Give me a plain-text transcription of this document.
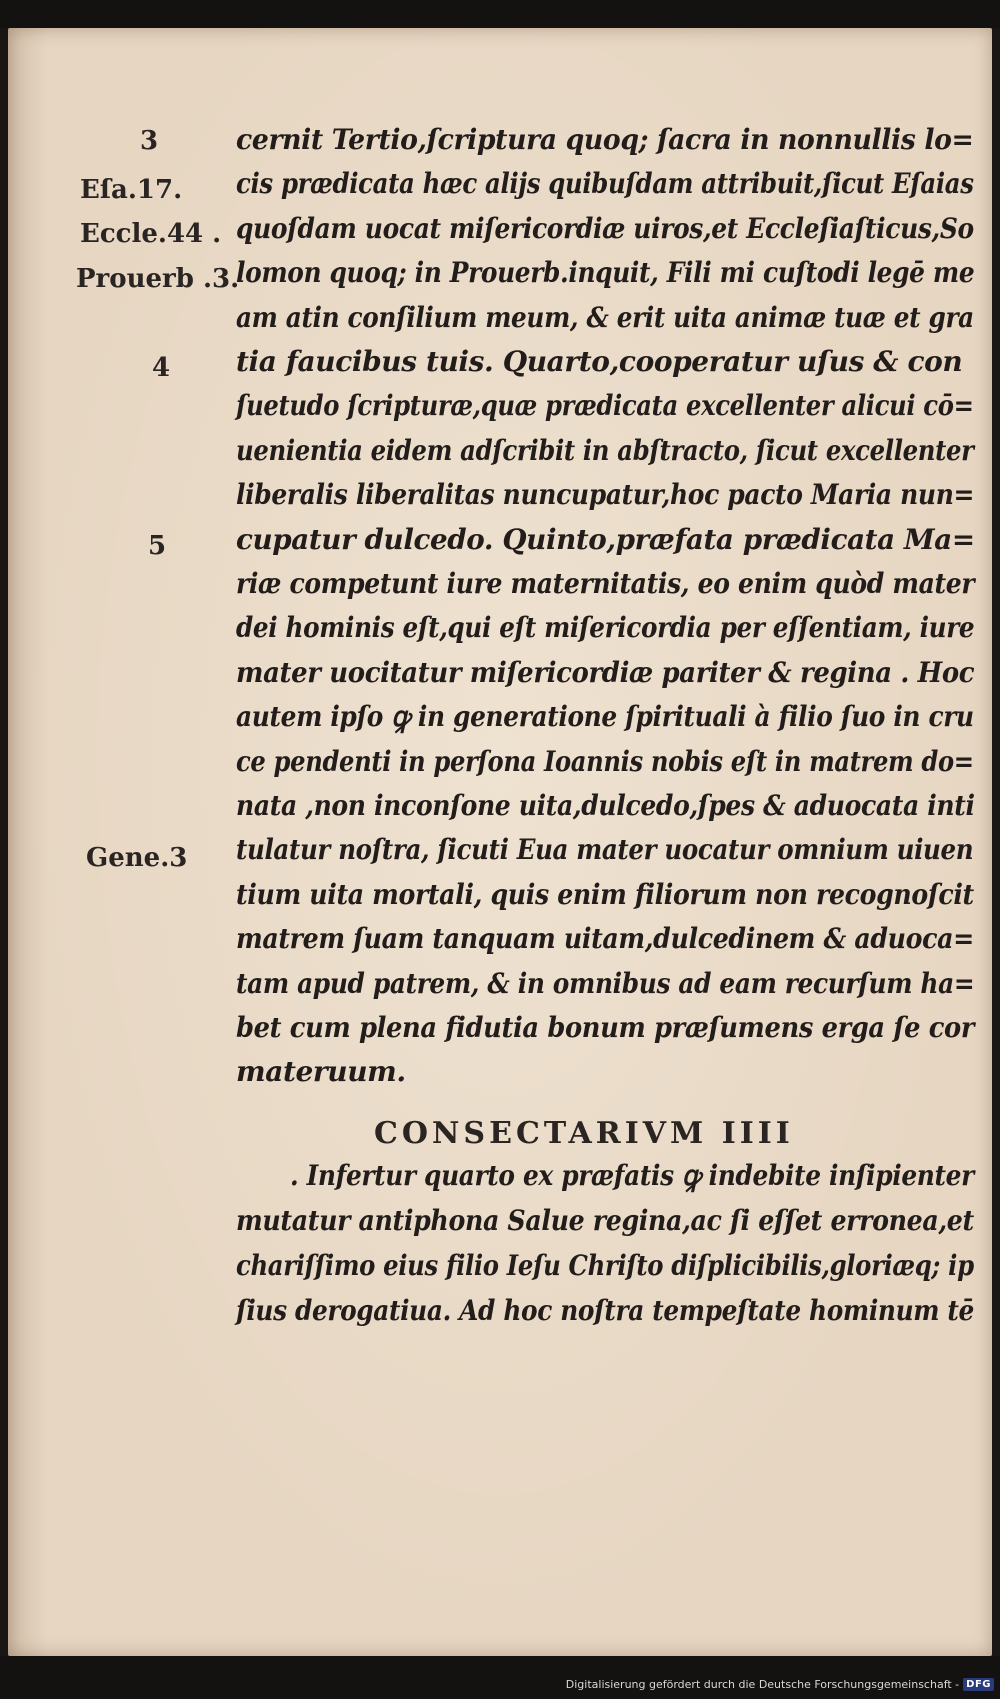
3
Eſa.17.
Eccle.44 .
Prouerb .3.
4
5
Gene.3
cernit Tertio,ſcriptura quoq; ſacra in nonnullis lo=
cis prædicata hæc alijs quibuſdam attribuit,ſicut Eſaias
quoſdam uocat miſericordiæ uiros,et Eccleſiaſticus,So
lomon quoq; in Prouerb.inquit, Fili mi cuſtodi legē me
am atin conſilium meum, & erit uita animæ tuæ et gra
tia faucibus tuis. Quarto,cooperatur uſus & con
ſuetudo ſcripturæ,quæ prædicata excellenter alicui cō=
uenientia eidem adſcribit in abſtracto, ſicut excellenter
liberalis liberalitas nuncupatur,hoc pacto Maria nun=
cupatur dulcedo. Quinto,præfata prædicata Ma=
riæ competunt iure maternitatis, eo enim quòd mater
dei hominis eſt,qui eſt miſericordia per eſſentiam, iure
mater uocitatur miſericordiæ pariter & regina . Hoc
autem ipſo ꝙ in generatione ſpirituali à filio ſuo in cru
ce pendenti in perſona Ioannis nobis eſt in matrem do=
nata ,non inconſone uita,dulcedo,ſpes & aduocata inti
tulatur noſtra, ſicuti Eua mater uocatur omnium uiuen
tium uita mortali, quis enim filiorum non recognoſcit
matrem ſuam tanquam uitam,dulcedinem & aduoca=
tam apud patrem, & in omnibus ad eam recurſum ha=
bet cum plena fidutia bonum præſumens erga ſe cor
materuum.
CONSECTARIVM IIII
. Infertur quarto ex præfatis ꝙ indebite inſipienter
mutatur antiphona Salue regina,ac ſi eſſet erronea,et
chariſſimo eius filio Ieſu Chriſto diſplicibilis,gloriæq; ip
ſius derogatiua. Ad hoc noſtra tempeſtate hominum tē
Digitalisierung gefördert durch die Deutsche Forschungsgemeinschaft - DFG
